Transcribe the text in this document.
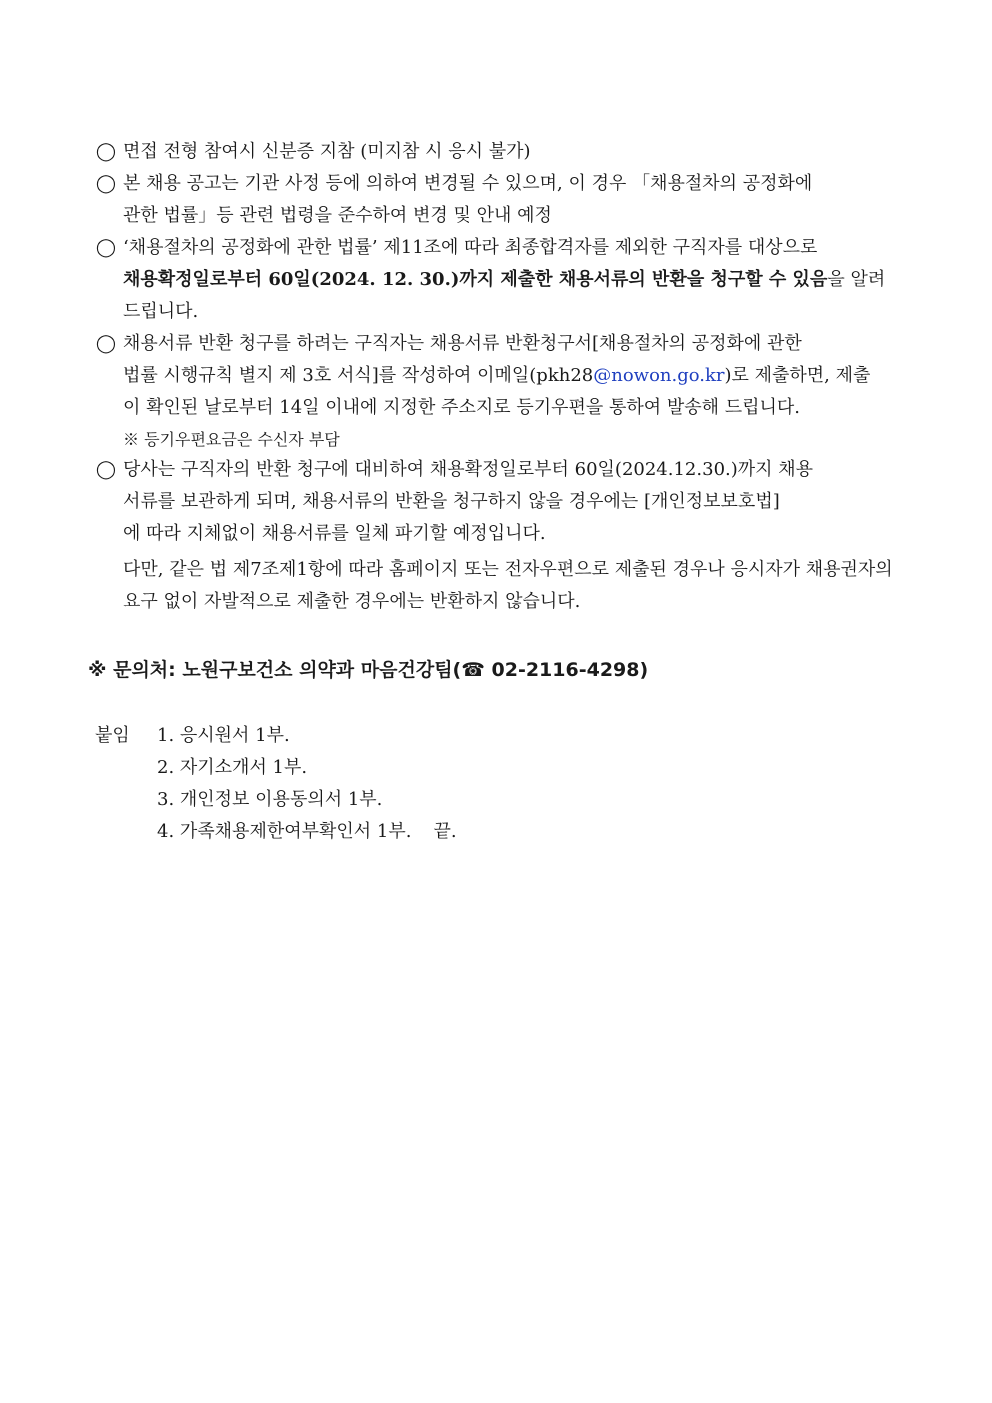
◯ 면접 전형 참여시 신분증 지참 (미지참 시 응시 불가)
◯ 본 채용 공고는 기관 사정 등에 의하여 변경될 수 있으며, 이 경우 「채용절차의 공정화에
관한 법률」등 관련 법령을 준수하여 변경 및 안내 예정
◯ ‘채용절차의 공정화에 관한 법률’ 제11조에 따라 최종합격자를 제외한 구직자를 대상으로
채용확정일로부터 60일(2024. 12. 30.)까지 제출한 채용서류의 반환을 청구할 수 있음을 알려
드립니다.
◯ 채용서류 반환 청구를 하려는 구직자는 채용서류 반환청구서[채용절차의 공정화에 관한
법률 시행규칙 별지 제 3호 서식]를 작성하여 이메일(pkh28@nowon.go.kr)로 제출하면, 제출
이 확인된 날로부터 14일 이내에 지정한 주소지로 등기우편을 통하여 발송해 드립니다.
※ 등기우편요금은 수신자 부담
◯ 당사는 구직자의 반환 청구에 대비하여 채용확정일로부터 60일(2024.12.30.)까지 채용
서류를 보관하게 되며, 채용서류의 반환을 청구하지 않을 경우에는 [개인정보보호법]
에 따라 지체없이 채용서류를 일체 파기할 예정입니다.
다만, 같은 법 제7조제1항에 따라 홈페이지 또는 전자우편으로 제출된 경우나 응시자가 채용권자의
요구 없이 자발적으로 제출한 경우에는 반환하지 않습니다.
※ 문의처: 노원구보건소 의약과 마음건강팀(☎ 02-2116-4298)
붙임	1. 응시원서 1부.
2. 자기소개서 1부.
3. 개인정보 이용동의서 1부.
4. 가족채용제한여부확인서 1부. 끝.
